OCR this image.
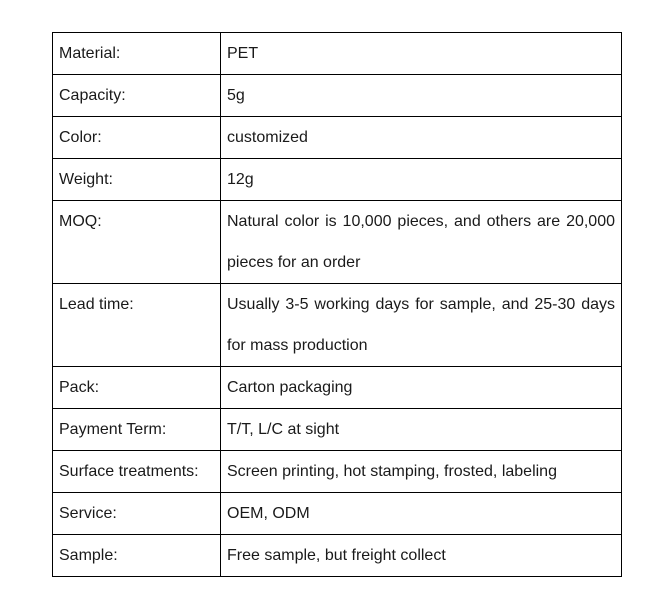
Material:	PET
Capacity:	5g
Color:	customized
Weight:	12g
MOQ:	Natural color is 10,000 pieces, and others are 20,000 pieces for an order
Lead time:	Usually 3-5 working days for sample, and 25-30 days for mass production
Pack:	Carton packaging
Payment Term:	T/T, L/C at sight
Surface treatments:	Screen printing, hot stamping, frosted, labeling
Service:	OEM, ODM
Sample:	Free sample, but freight collect
